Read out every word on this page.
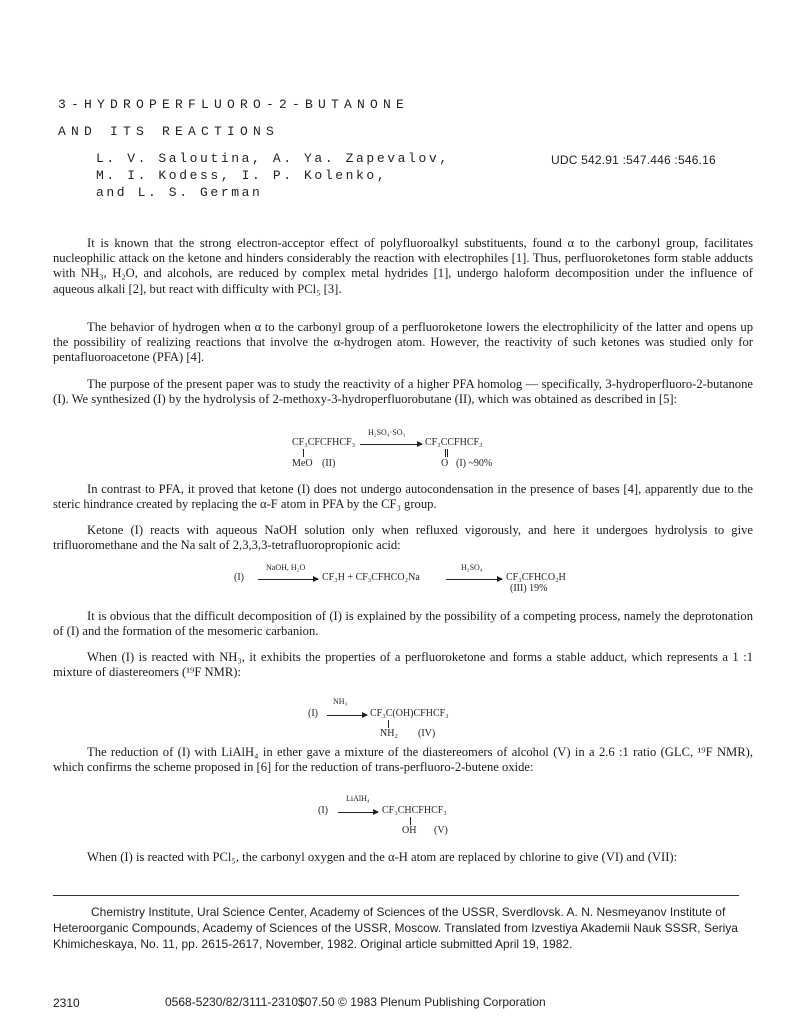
3-HYDROPERFLUORO-2-BUTANONE
AND ITS REACTIONS
L. V. Saloutina, A. Ya. Zapevalov,
M. I. Kodess, I. P. Kolenko,
and L. S. German
UDC 542.91 :547.446 :546.16

It is known that the strong electron-acceptor effect of polyfluoroalkyl substituents, found α to the carbonyl group, facilitates nucleophilic attack on the ketone and hinders considerably the reaction with electrophiles [1]. Thus, perfluoroketones form stable adducts with NH₃, H₂O, and alcohols, are reduced by complex metal hydrides [1], undergo haloform decomposition under the influence of aqueous alkali [2], but react with difficulty with PCl₅ [3].

The behavior of hydrogen when α to the carbonyl group of a perfluoroketone lowers the electrophilicity of the latter and opens up the possibility of realizing reactions that involve the α-hydrogen atom. However, the reactivity of such ketones was studied only for pentafluoroacetone (PFA) [4].

The purpose of the present paper was to study the reactivity of a higher PFA homolog — specifically, 3-hydroperfluoro-2-butanone (I). We synthesized (I) by the hydrolysis of 2-methoxy-3-hydroperfluorobutane (II), which was obtained as described in [5]:

CF₃CFCFHCF₃
H₂SO₄·SO₃
CF₃CCFHCF₃
MeO (II)	O (I) ~90%

In contrast to PFA, it proved that ketone (I) does not undergo autocondensation in the presence of bases [4], apparently due to the steric hindrance created by replacing the α-F atom in PFA by the CF₃ group.

Ketone (I) reacts with aqueous NaOH solution only when refluxed vigorously, and here it undergoes hydrolysis to give trifluoromethane and the Na salt of 2,3,3,3-tetrafluoropropionic acid:

(I)
NaOH, H₂O
CF₃H + CF₃CFHCO₂Na
H₂SO₄
CF₃CFHCO₂H
(III) 19%

It is obvious that the difficult decomposition of (I) is explained by the possibility of a competing process, namely the deprotonation of (I) and the formation of the mesomeric carbanion.

When (I) is reacted with NH₃, it exhibits the properties of a perfluoroketone and forms a stable adduct, which represents a 1 :1 mixture of diastereomers (¹⁹F NMR):

(I)
NH₃
CF₃C(OH)CFHCF₃
NH₂ (IV)

The reduction of (I) with LiAlH₄ in ether gave a mixture of the diastereomers of alcohol (V) in a 2.6 :1 ratio (GLC, ¹⁹F NMR), which confirms the scheme proposed in [6] for the reduction of trans-perfluoro-2-butene oxide:

(I)
LiAlH₄
CF₃CHCFHCF₃
OH (V)

When (I) is reacted with PCl₅, the carbonyl oxygen and the α-H atom are replaced by chlorine to give (VI) and (VII):

Chemistry Institute, Ural Science Center, Academy of Sciences of the USSR, Sverdlovsk. A. N. Nesmeyanov Institute of Heteroorganic Compounds, Academy of Sciences of the USSR, Moscow. Translated from Izvestiya Akademii Nauk SSSR, Seriya Khimicheskaya, No. 11, pp. 2615-2617, November, 1982. Original article submitted April 19, 1982.

2310	0568-5230/82/3111-2310$07.50 © 1983 Plenum Publishing Corporation
